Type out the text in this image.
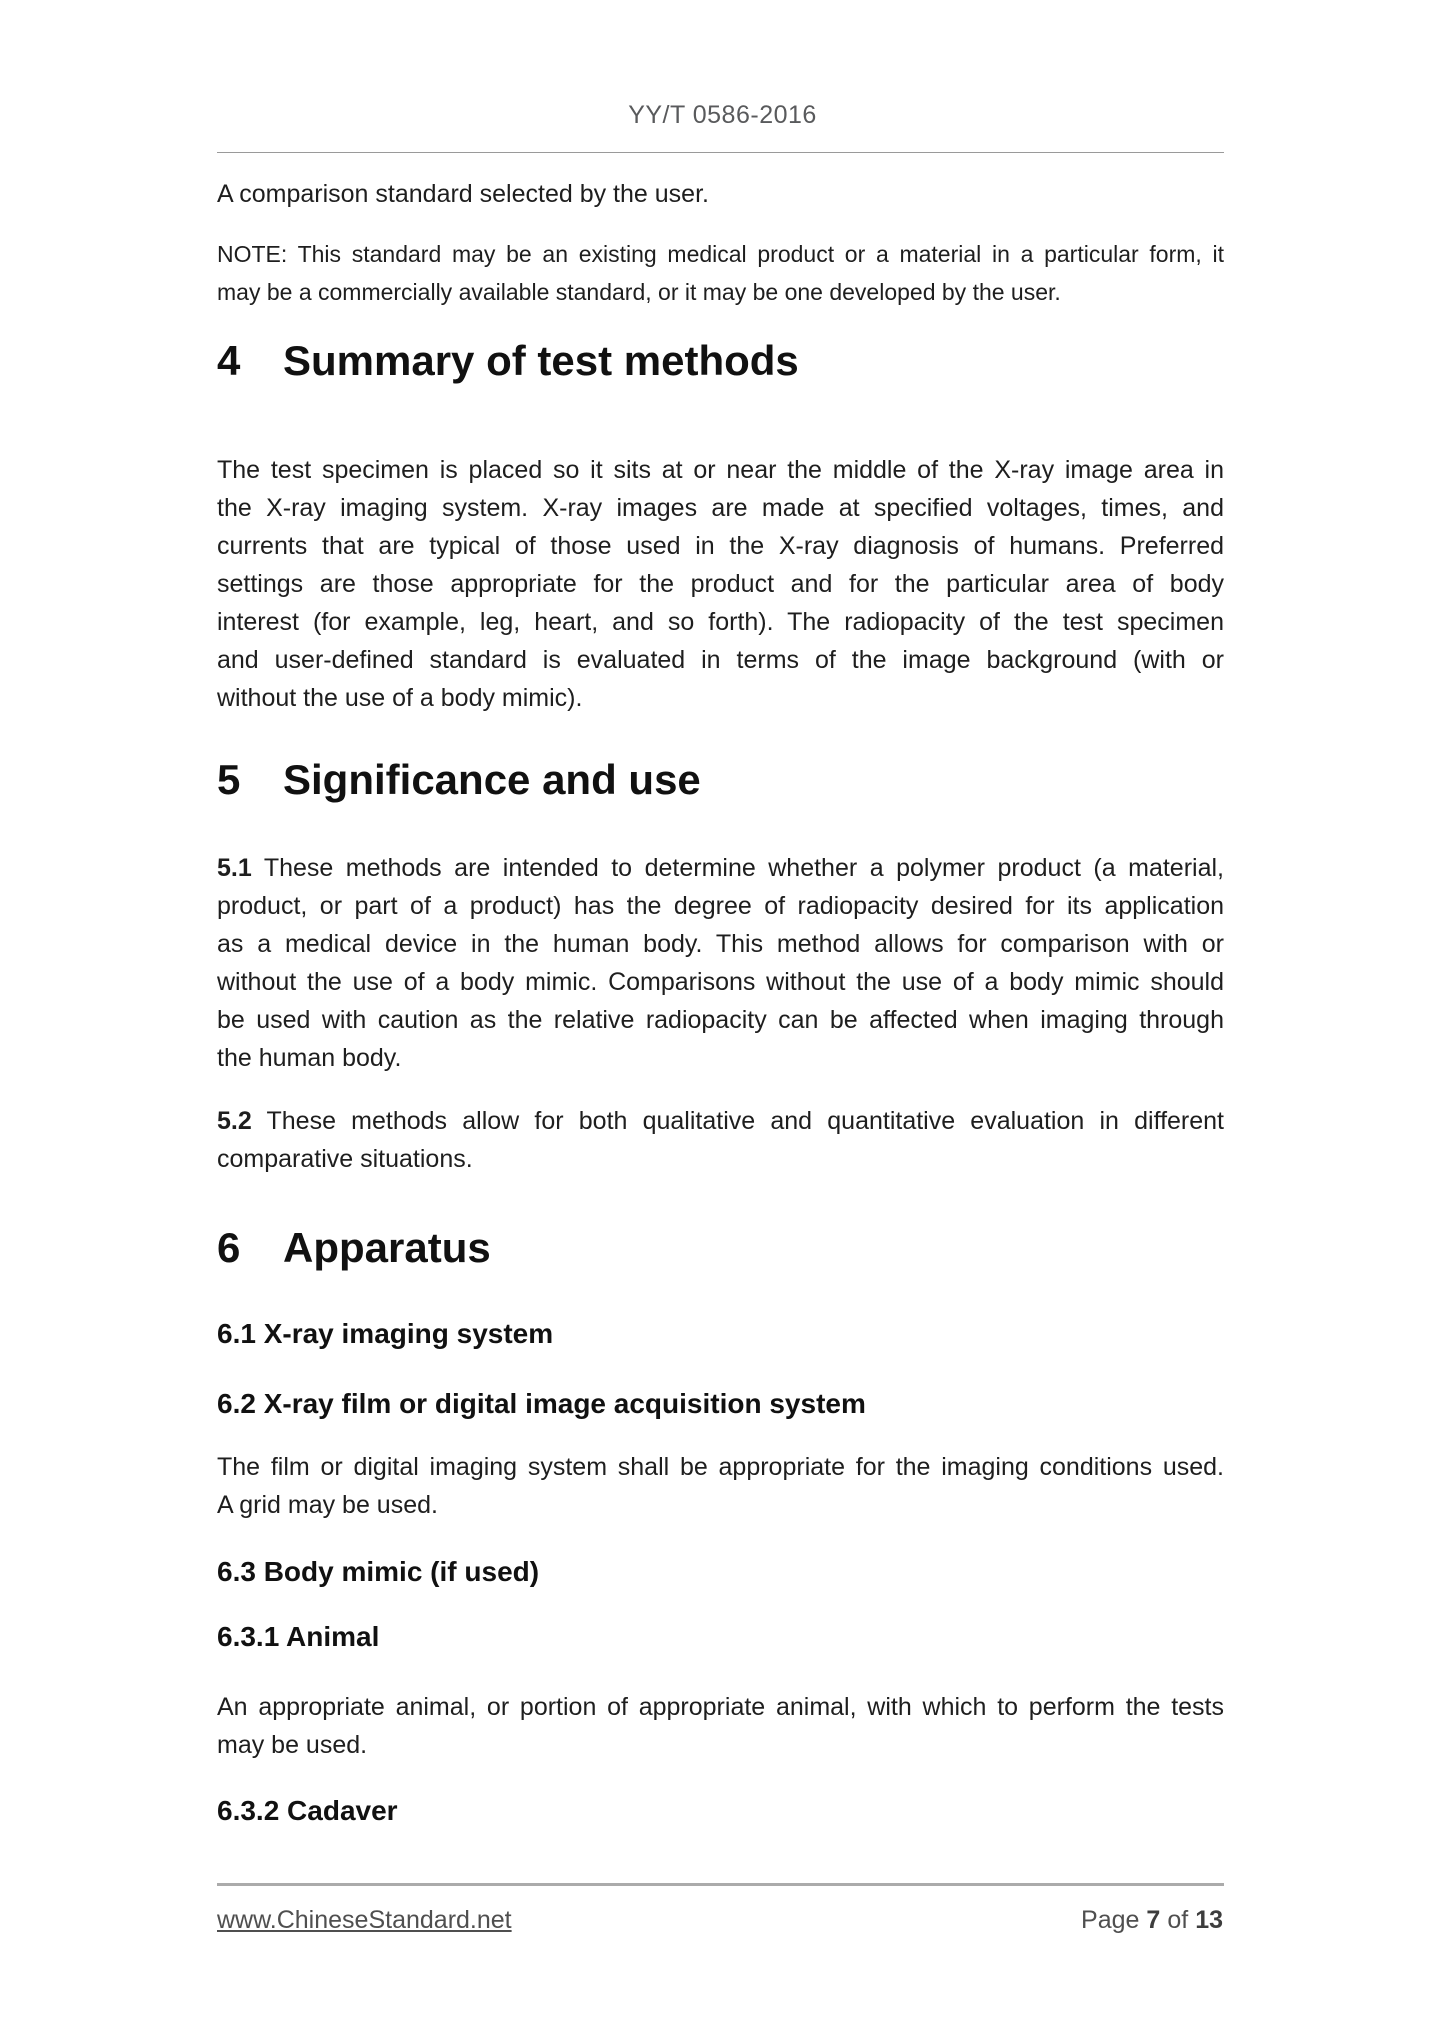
YY/T 0586-2016

A comparison standard selected by the user.

NOTE: This standard may be an existing medical product or a material in a particular form, it
may be a commercially available standard, or it may be one developed by the user.
4 Summary of test methods
The test specimen is placed so it sits at or near the middle of the X-ray image area in
the X-ray imaging system. X-ray images are made at specified voltages, times, and
currents that are typical of those used in the X-ray diagnosis of humans. Preferred
settings are those appropriate for the product and for the particular area of body
interest (for example, leg, heart, and so forth). The radiopacity of the test specimen
and user-defined standard is evaluated in terms of the image background (with or
without the use of a body mimic).
5 Significance and use
5.1 These methods are intended to determine whether a polymer product (a material,
product, or part of a product) has the degree of radiopacity desired for its application
as a medical device in the human body. This method allows for comparison with or
without the use of a body mimic. Comparisons without the use of a body mimic should
be used with caution as the relative radiopacity can be affected when imaging through
the human body.
5.2 These methods allow for both qualitative and quantitative evaluation in different
comparative situations.
6 Apparatus
6.1 X-ray imaging system
6.2 X-ray film or digital image acquisition system
The film or digital imaging system shall be appropriate for the imaging conditions used.
A grid may be used.
6.3 Body mimic (if used)
6.3.1 Animal
An appropriate animal, or portion of appropriate animal, with which to perform the tests
may be used.
6.3.2 Cadaver
www.ChineseStandard.net	Page 7 of 13
